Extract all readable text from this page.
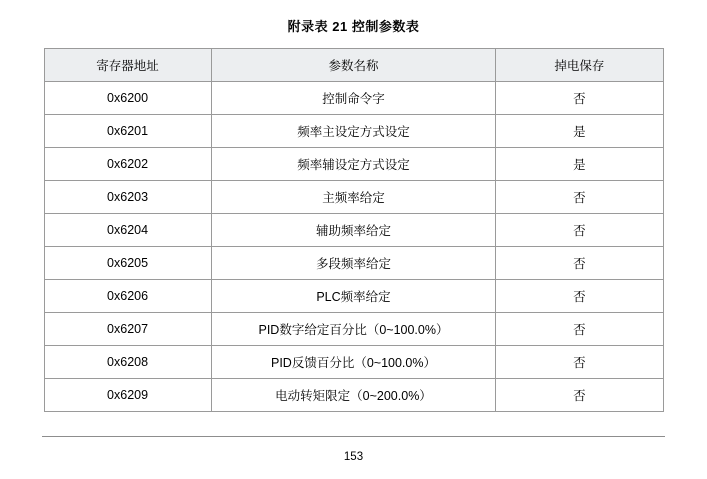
附录表 21 控制参数表
寄存器地址	参数名称	掉电保存
0x6200	控制命令字	否
0x6201	频率主设定方式设定	是
0x6202	频率辅设定方式设定	是
0x6203	主频率给定	否
0x6204	辅助频率给定	否
0x6205	多段频率给定	否
0x6206	PLC频率给定	否
0x6207	PID数字给定百分比（0~100.0%）	否
0x6208	PID反馈百分比（0~100.0%）	否
0x6209	电动转矩限定（0~200.0%）	否
153
